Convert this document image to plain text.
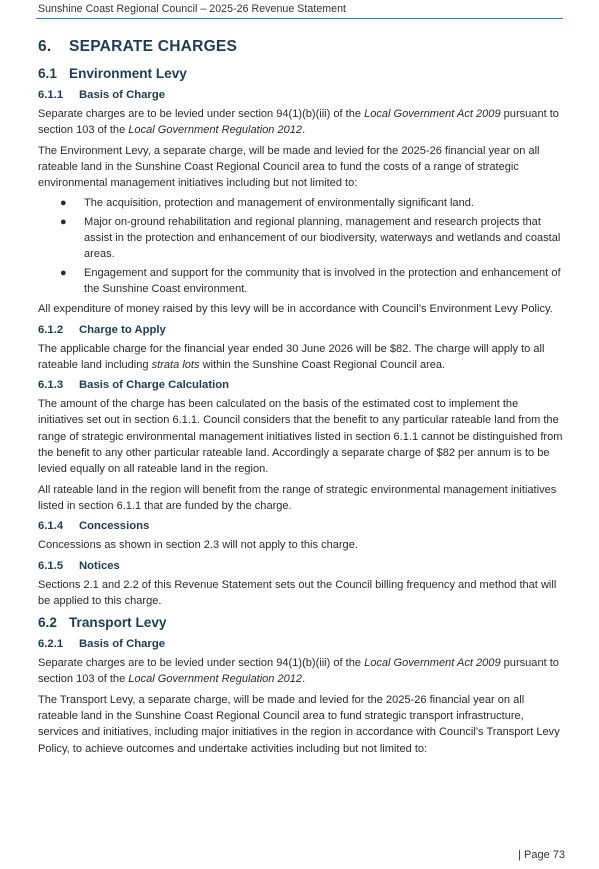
Sunshine Coast Regional Council – 2025-26 Revenue Statement
6. SEPARATE CHARGES
6.1 Environment Levy
6.1.1 Basis of Charge

Separate charges are to be levied under section 94(1)(b)(iii) of the Local Government Act 2009 pursuant to section 103 of the Local Government Regulation 2012.

The Environment Levy, a separate charge, will be made and levied for the 2025-26 financial year on all rateable land in the Sunshine Coast Regional Council area to fund the costs of a range of strategic environmental management initiatives including but not limited to:

● The acquisition, protection and management of environmentally significant land.
● Major on-ground rehabilitation and regional planning, management and research projects that assist in the protection and enhancement of our biodiversity, waterways and wetlands and coastal areas.
● Engagement and support for the community that is involved in the protection and enhancement of the Sunshine Coast environment.

All expenditure of money raised by this levy will be in accordance with Council’s Environment Levy Policy.

6.1.2 Charge to Apply

The applicable charge for the financial year ended 30 June 2026 will be $82. The charge will apply to all rateable land including strata lots within the Sunshine Coast Regional Council area.

6.1.3 Basis of Charge Calculation

The amount of the charge has been calculated on the basis of the estimated cost to implement the initiatives set out in section 6.1.1. Council considers that the benefit to any particular rateable land from the range of strategic environmental management initiatives listed in section 6.1.1 cannot be distinguished from the benefit to any other particular rateable land. Accordingly a separate charge of $82 per annum is to be levied equally on all rateable land in the region.

All rateable land in the region will benefit from the range of strategic environmental management initiatives listed in section 6.1.1 that are funded by the charge.

6.1.4 Concessions

Concessions as shown in section 2.3 will not apply to this charge.

6.1.5 Notices

Sections 2.1 and 2.2 of this Revenue Statement sets out the Council billing frequency and method that will be applied to this charge.

6.2 Transport Levy
6.2.1 Basis of Charge

Separate charges are to be levied under section 94(1)(b)(iii) of the Local Government Act 2009 pursuant to section 103 of the Local Government Regulation 2012.

The Transport Levy, a separate charge, will be made and levied for the 2025-26 financial year on all rateable land in the Sunshine Coast Regional Council area to fund strategic transport infrastructure, services and initiatives, including major initiatives in the region in accordance with Council’s Transport Levy Policy, to achieve outcomes and undertake activities including but not limited to:

| Page 73
